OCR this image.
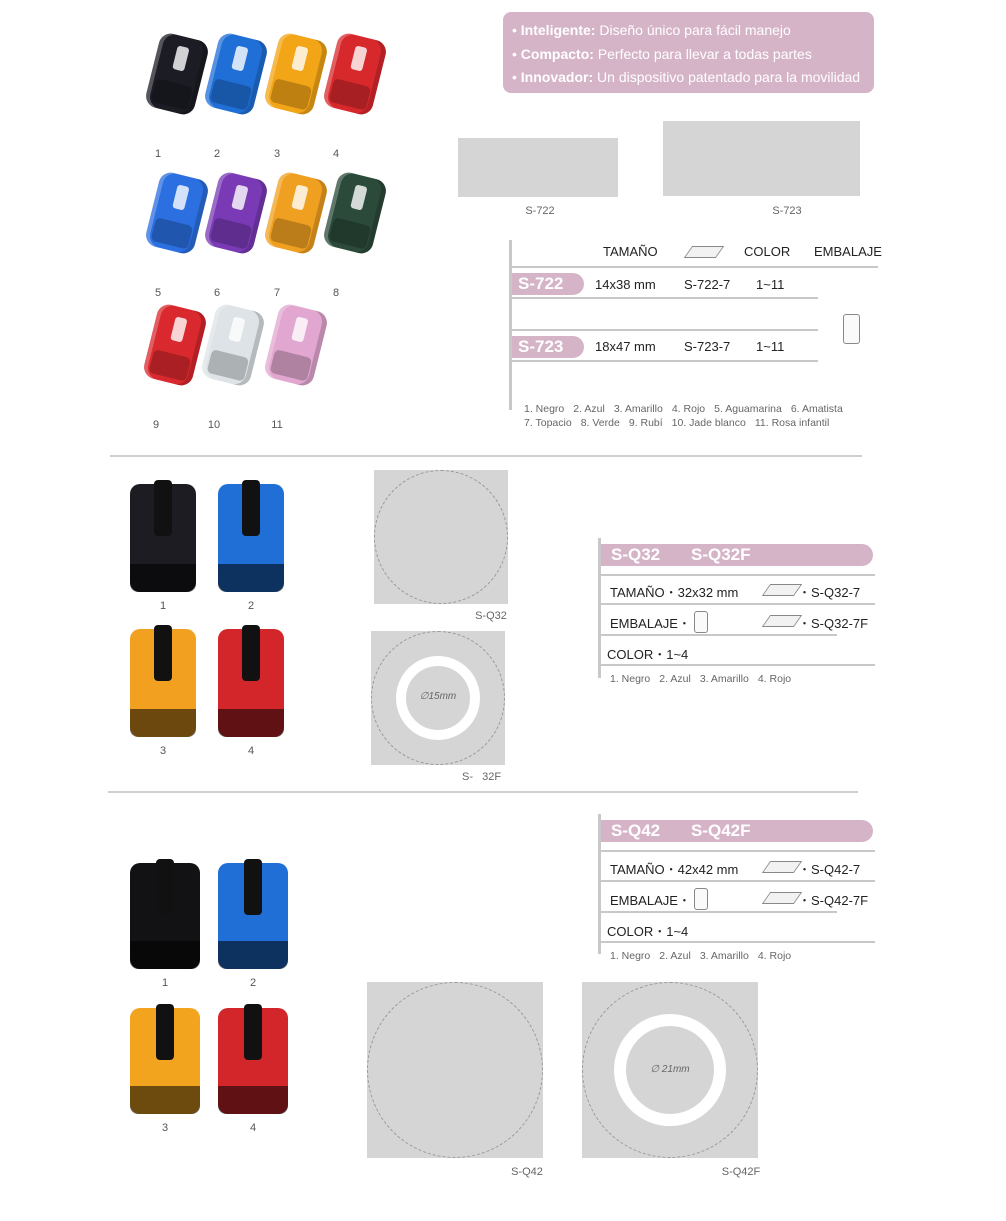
• Inteligente: Diseño único para fácil manejo
• Compacto: Perfecto para llevar a todas partes
• Innovador: Un dispositivo patentado para la movilidad
1	2	3	4
5	6	7	8
9	10	11
S-722	S-723
TAMAÑO	COLOR EMBALAJE
S-722	14x38 mm S-722-7 1~11
S-723	18x47 mm S-723-7 1~11
1. Negro 2. Azul 3. Amarillo 4. Rojo 5. Aguamarina 6. Amatista
7. Topacio 8. Verde 9. Rubí 10. Jade blanco 11. Rosa infantil
1	2
3	4
S-Q32
∅15mm
S-   32F
S-Q32 S-Q32F
TAMAÑO・32x32 mm	・S-Q32-7
EMBALAJE・	・S-Q32-7F
COLOR・1~4
1. Negro 2. Azul 3. Amarillo 4. Rojo
1	2
3	4
S-Q42 S-Q42F
TAMAÑO・42x42 mm	・S-Q42-7
EMBALAJE・	・S-Q42-7F
COLOR・1~4
1. Negro 2. Azul 3. Amarillo 4. Rojo
S-Q42
∅ 21mm
S-Q42F
